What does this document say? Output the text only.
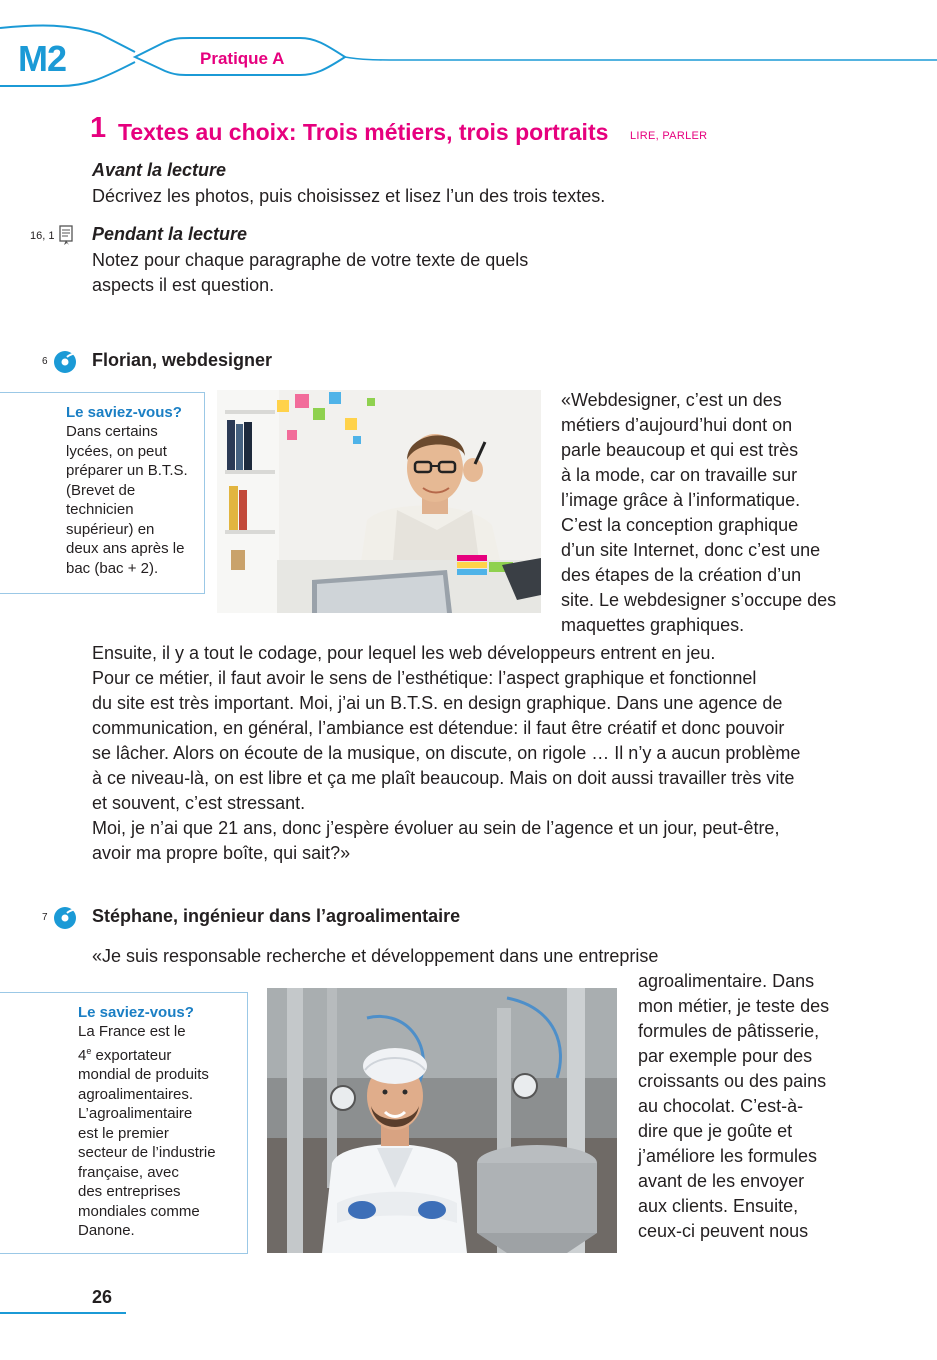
M2	Pratique A
1 Textes au choix: Trois métiers, trois portraits LIRE, PARLER
Avant la lecture
Décrivez les photos, puis choisissez et lisez l’un des trois textes.
16, 1 Pendant la lecture
Notez pour chaque paragraphe de votre texte de quels
aspects il est question.
6 Florian, webdesigner
Le saviez-vous?
Dans certains
lycées, on peut
préparer un B.T.S.
(Brevet de
technicien
supérieur) en
deux ans après le
bac (bac + 2).
«Webdesigner, c’est un des
métiers d’aujourd’hui dont on
parle beaucoup et qui est très
à la mode, car on travaille sur
l’image grâce à l’informatique.
C’est la conception graphique
d’un site Internet, donc c’est une
des étapes de la création d’un
site. Le webdesigner s’occupe des
maquettes graphiques.
Ensuite, il y a tout le codage, pour lequel les web développeurs entrent en jeu.
Pour ce métier, il faut avoir le sens de l’esthétique: l’aspect graphique et fonctionnel
du site est très important. Moi, j’ai un B.T.S. en design graphique. Dans une agence de
communication, en général, l’ambiance est détendue: il faut être créatif et donc pouvoir
se lâcher. Alors on écoute de la musique, on discute, on rigole … Il n’y a aucun problème
à ce niveau-là, on est libre et ça me plaît beaucoup. Mais on doit aussi travailler très vite
et souvent, c’est stressant.
Moi, je n’ai que 21 ans, donc j’espère évoluer au sein de l’agence et un jour, peut-être,
avoir ma propre boîte, qui sait?»
7 Stéphane, ingénieur dans l’agroalimentaire
«Je suis responsable recherche et développement dans une entreprise
Le saviez-vous?
La France est le
4e exportateur
mondial de produits
agroalimentaires.
L’agroalimentaire
est le premier
secteur de l’industrie
française, avec
des entreprises
mondiales comme
Danone.
agroalimentaire. Dans
mon métier, je teste des
formules de pâtisserie,
par exemple pour des
croissants ou des pains
au chocolat. C’est-à-
dire que je goûte et
j’améliore les formules
avant de les envoyer
aux clients. Ensuite,
ceux-ci peuvent nous
26
